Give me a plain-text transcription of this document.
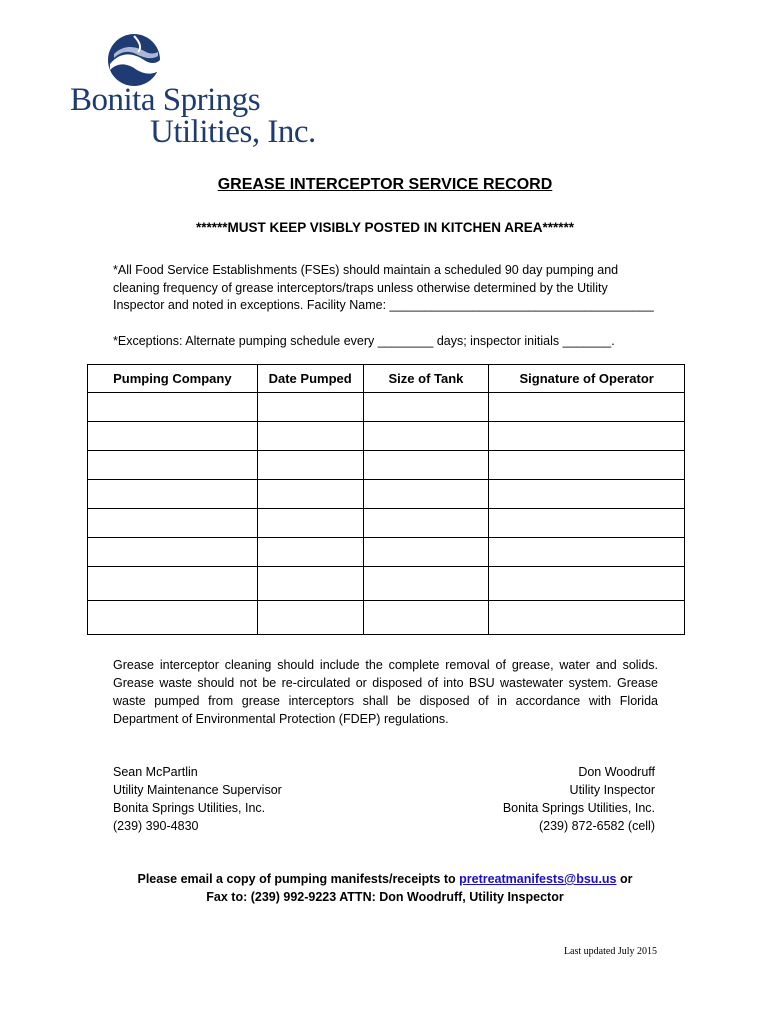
Bonita Springs
Utilities, Inc.
GREASE INTERCEPTOR SERVICE RECORD
******MUST KEEP VISIBLY POSTED IN KITCHEN AREA******
*All Food Service Establishments (FSEs) should maintain a scheduled 90 day pumping and cleaning frequency of grease interceptors/traps unless otherwise determined by the Utility Inspector and noted in exceptions. Facility Name: ______________________________________
*Exceptions: Alternate pumping schedule every ________ days; inspector initials _______.
Pumping Company	Date Pumped	Size of Tank	Signature of Operator

Grease interceptor cleaning should include the complete removal of grease, water and solids. Grease waste should not be re-circulated or disposed of into BSU wastewater system. Grease waste pumped from grease interceptors shall be disposed of in accordance with Florida Department of Environmental Protection (FDEP) regulations.
Sean McPartlin
Utility Maintenance Supervisor
Bonita Springs Utilities, Inc.
(239) 390-4830
Don Woodruff
Utility Inspector
Bonita Springs Utilities, Inc.
(239) 872-6582 (cell)
Please email a copy of pumping manifests/receipts to pretreatmanifests@bsu.us or
Fax to: (239) 992-9223 ATTN: Don Woodruff, Utility Inspector
Last updated July 2015
